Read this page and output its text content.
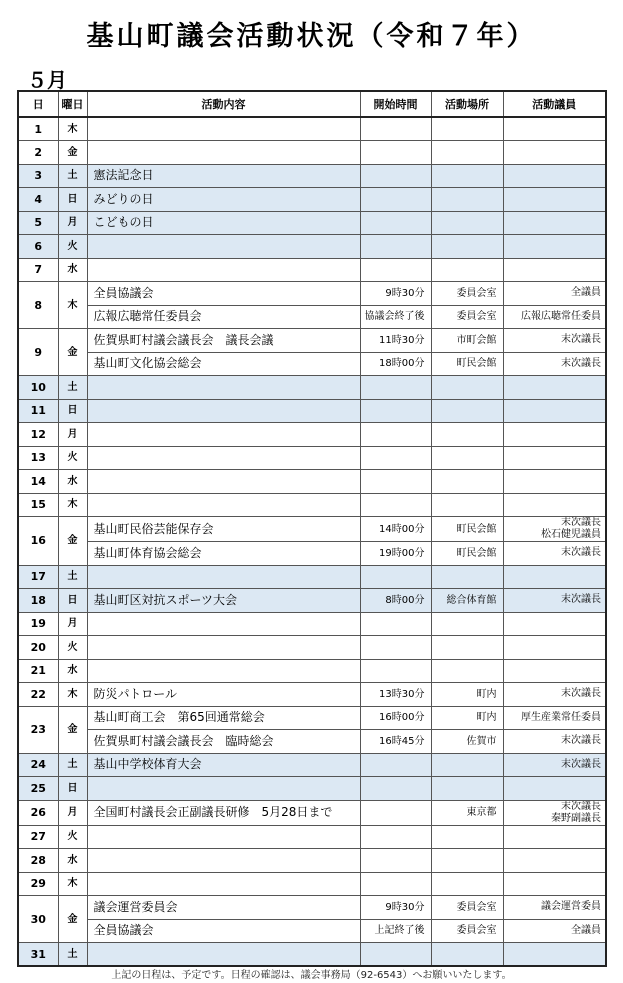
基山町議会活動状況（令和７年）
５月
日	曜日	活動内容	開始時間	活動場所	活動議員
1	木				
2	金				
3	土	憲法記念日			

4	日	みどりの日			

5	月	こどもの日			

6	火				
7	水				
8	木	全員協議会	9時30分	委員会室	全議員

		広報広聴常任委員会	協議会終了後	委員会室	広報広聴常任委員

9	金	佐賀県町村議会議長会　議長会議	11時30分	市町会館	末次議長

		基山町文化協会総会	18時00分	町民会館	末次議長

10	土				
11	日				
12	月				
13	火				
14	水				
15	木				
16	金	基山町民俗芸能保存会	14時00分	町民会館	末次議長
松石健児議員

		基山町体育協会総会	19時00分	町民会館	末次議長

17	土				
18	日	基山町区対抗スポーツ大会	8時00分	総合体育館	末次議長

19	月				
20	火				
21	水				
22	木	防災パトロール	13時30分	町内	末次議長

23	金	基山町商工会　第65回通常総会	16時00分	町内	厚生産業常任委員

		佐賀県町村議会議長会　臨時総会	16時45分	佐賀市	末次議長

24	土	基山中学校体育大会			末次議長

25	日				
26	月	全国町村議長会正副議長研修　5月28日まで		東京都	末次議長
秦野副議長

27	火				
28	水				
29	木				
30	金	議会運営委員会	9時30分	委員会室	議会運営委員

		全員協議会	上記終了後	委員会室	全議員

31	土				
上記の日程は、予定です。日程の確認は、議会事務局（92-6543）へお願いいたします。
